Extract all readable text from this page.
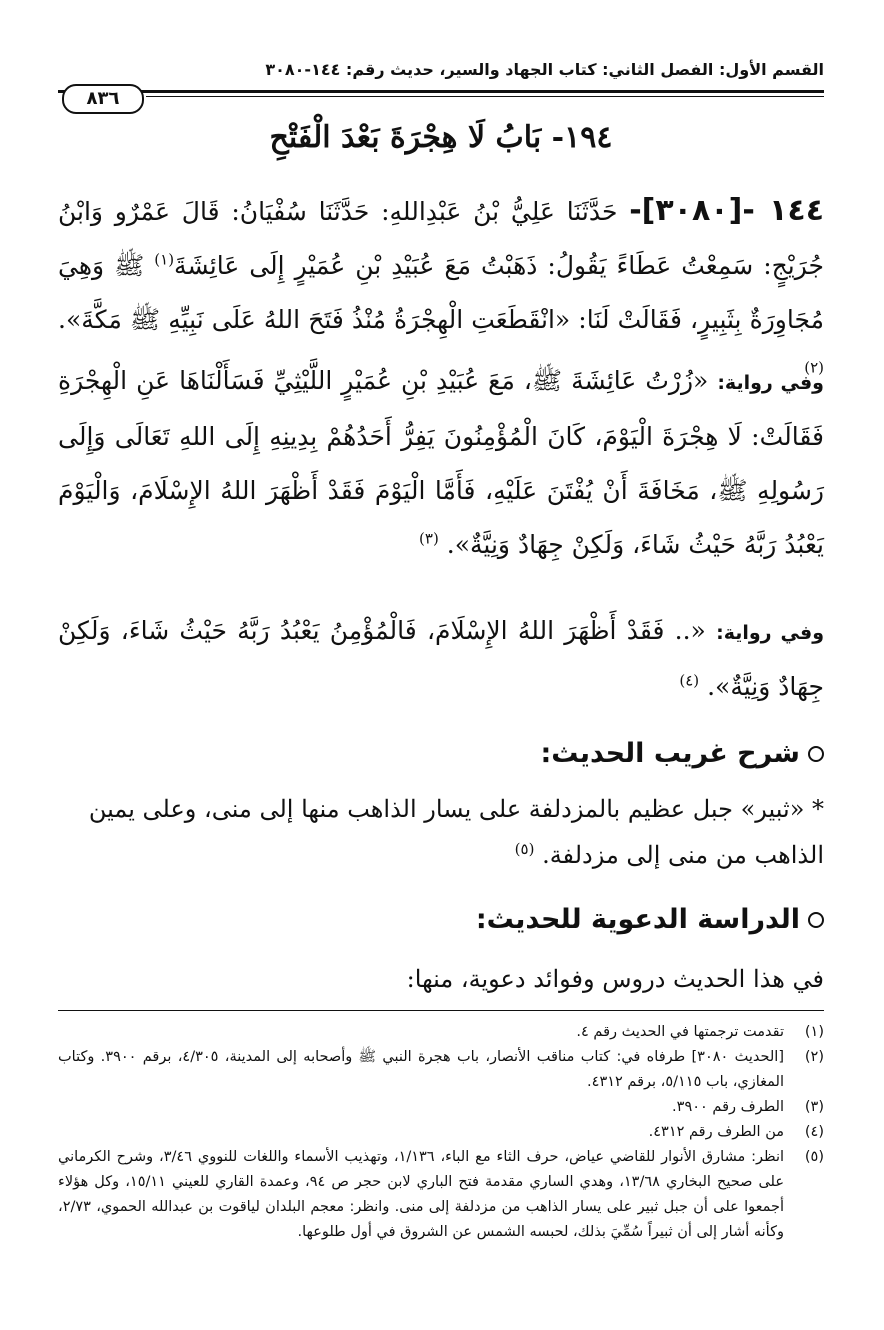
القسم الأول: الفصل الثاني: كتاب الجهاد والسير، حديث رقم: ١٤٤-٣٠٨٠
٨٣٦
١٩٤- بَابُ لَا هِجْرَةَ بَعْدَ الْفَتْحِ
١٤٤ -[٣٠٨٠]- حَدَّثَنَا عَلِيُّ بْنُ عَبْدِاللهِ: حَدَّثَنَا سُفْيَانُ: قَالَ عَمْرٌو وَابْنُ جُرَيْجٍ: سَمِعْتُ عَطَاءً يَقُولُ: ذَهَبْتُ مَعَ عُبَيْدِ بْنِ عُمَيْرٍ إِلَى عَائِشَةَ$^{(١)}$ ﷺ وَهِيَ مُجَاوِرَةٌ بِثَبِيرٍ، فَقَالَتْ لَنَا: «انْقَطَعَتِ الْهِجْرَةُ مُنْذُ فَتَحَ اللهُ عَلَى نَبِيِّهِ ﷺ مَكَّةَ». $^{(٢)}$
وفي رواية: «زُرْتُ عَائِشَةَ ﷺ، مَعَ عُبَيْدِ بْنِ عُمَيْرٍ اللَّيْثِيِّ فَسَأَلْنَاهَا عَنِ الْهِجْرَةِ فَقَالَتْ: لَا هِجْرَةَ الْيَوْمَ، كَانَ الْمُؤْمِنُونَ يَفِرُّ أَحَدُهُمْ بِدِينِهِ إِلَى اللهِ تَعَالَى وَإِلَى رَسُولِهِ ﷺ، مَخَافَةَ أَنْ يُفْتَنَ عَلَيْهِ، فَأَمَّا الْيَوْمَ فَقَدْ أَظْهَرَ اللهُ الإِسْلَامَ، وَالْيَوْمَ يَعْبُدُ رَبَّهُ حَيْثُ شَاءَ، وَلَكِنْ جِهَادٌ وَنِيَّةٌ». $^{(٣)}$
وفي رواية: «.. فَقَدْ أَظْهَرَ اللهُ الإِسْلَامَ، فَالْمُؤْمِنُ يَعْبُدُ رَبَّهُ حَيْثُ شَاءَ، وَلَكِنْ جِهَادٌ وَنِيَّةٌ». $^{(٤)}$
شرح غريب الحديث:
* «ثبير» جبل عظيم بالمزدلفة على يسار الذاهب منها إلى منى، وعلى يمين الذاهب من منى إلى مزدلفة. $^{(٥)}$
الدراسة الدعوية للحديث:
في هذا الحديث دروس وفوائد دعوية، منها:
(١)
تقدمت ترجمتها في الحديث رقم ٤.
(٢)
[الحديث ٣٠٨٠] طرفاه في: كتاب مناقب الأنصار، باب هجرة النبي ﷺ وأصحابه إلى المدينة، ٤/٣٠٥، برقم ٣٩٠٠. وكتاب المغازي، باب ٥/١١٥، برقم ٤٣١٢.
(٣)
الطرف رقم ٣٩٠٠.
(٤)
من الطرف رقم ٤٣١٢.
(٥)
انظر: مشارق الأنوار للقاضي عياض، حرف الثاء مع الباء، ١/١٣٦، وتهذيب الأسماء واللغات للنووي ٣/٤٦، وشرح الكرماني على صحيح البخاري ١٣/٦٨، وهدي الساري مقدمة فتح الباري لابن حجر ص ٩٤، وعمدة القاري للعيني ١٥/١١، وكل هؤلاء أجمعوا على أن جبل ثبير على يسار الذاهب من مزدلفة إلى منى. وانظر: معجم البلدان لياقوت بن عبدالله الحموي، ٢/٧٣، وكأنه أشار إلى أن ثبيراً سُمِّيَ بذلك، لحبسه الشمس عن الشروق في أول طلوعها.
